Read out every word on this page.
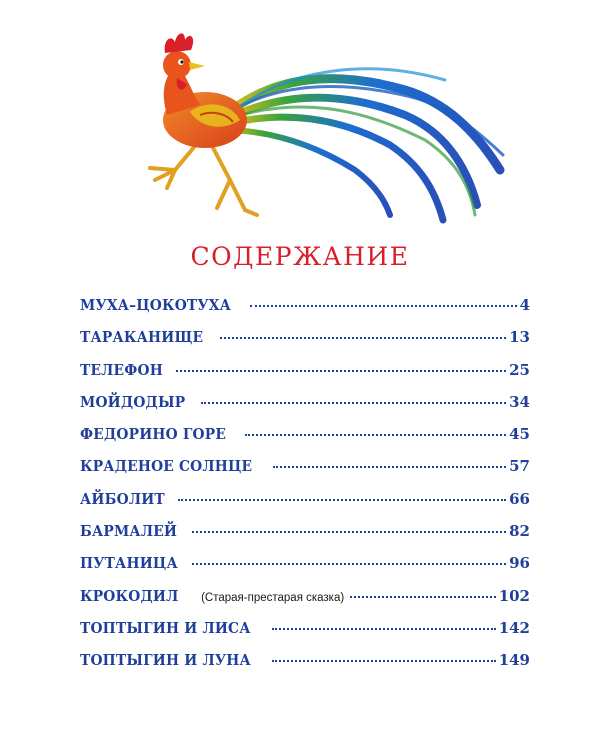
СОДЕРЖАНИЕ
МУХА–ЦОКОТУХА	4
ТАРАКАНИЩЕ	13
ТЕЛЕФОН	25
МОЙДОДЫР	34
ФЕДОРИНО ГОРЕ	45
КРАДЕНОЕ СОЛНЦЕ	57
АЙБОЛИТ	66
БАРМАЛЕЙ	82
ПУТАНИЦА	96
КРОКОДИЛ (Старая-престарая сказка)	102
ТОПТЫГИН И ЛИСА	142
ТОПТЫГИН И ЛУНА	149
